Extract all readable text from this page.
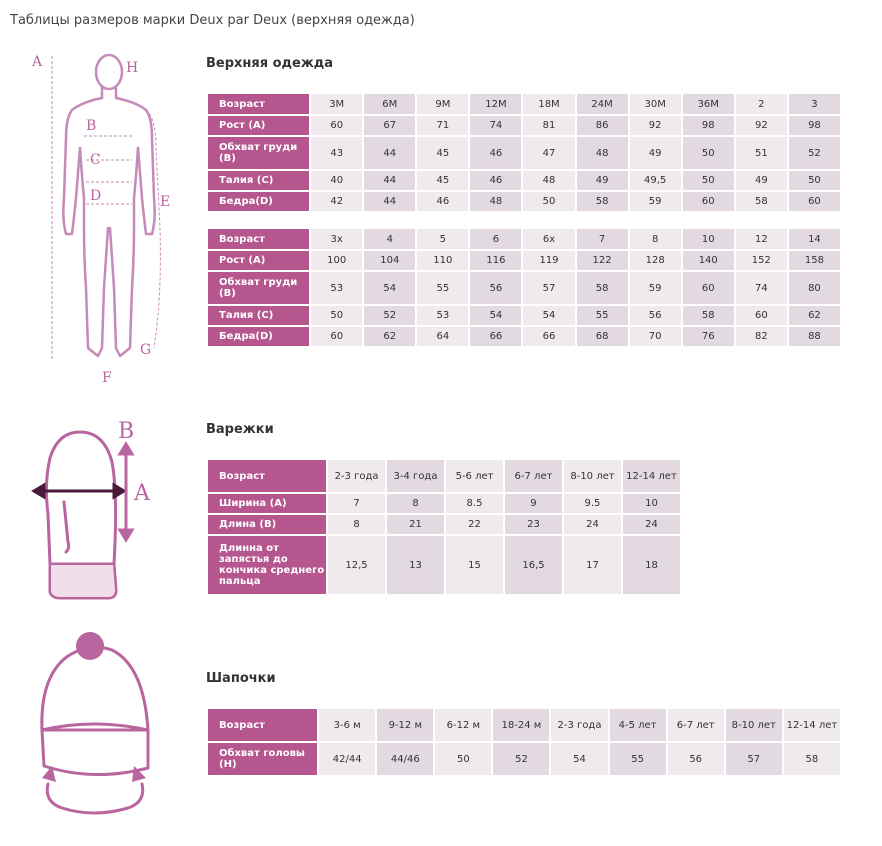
Таблицы размеров марки Deux par Deux (верхняя одежда)
A	H
B
C
D	E
F
G
Верхняя одежда
Возраст	3M	6M	9M	12M	18M	24M	30M	36M	2	3
Рост (A)	60	67	71	74	81	86	92	98	92	98
Обхват груди (B)	43	44	45	46	47	48	49	50	51	52
Талия (C)	40	44	45	46	48	49	49,5	50	49	50
Бедра(D)	42	44	46	48	50	58	59	60	58	60
Возраст	3x	4	5	6	6x	7	8	10	12	14
Рост (A)	100	104	110	116	119	122	128	140	152	158
Обхват груди (B)	53	54	55	56	57	58	59	60	74	80
Талия (C)	50	52	53	54	54	55	56	58	60	62
Бедра(D)	60	62	64	66	66	68	70	76	82	88
B
A
Варежки
Возраст	2-3 года	3-4 года	5-6 лет	6-7 лет	8-10 лет	12-14 лет
Ширина (А)	7	8	8.5	9	9.5	10
Длина (В)	8	21	22	23	24	24
Длинна от запястья до кончика среднего пальца	12,5	13	15	16,5	17	18
Шапочки
Возраст	3-6 м	9-12 м	6-12 м	18-24 м	2-3 года	4-5 лет	6-7 лет	8-10 лет	12-14 лет
Обхват головы (Н)	42/44	44/46	50	52	54	55	56	57	58
